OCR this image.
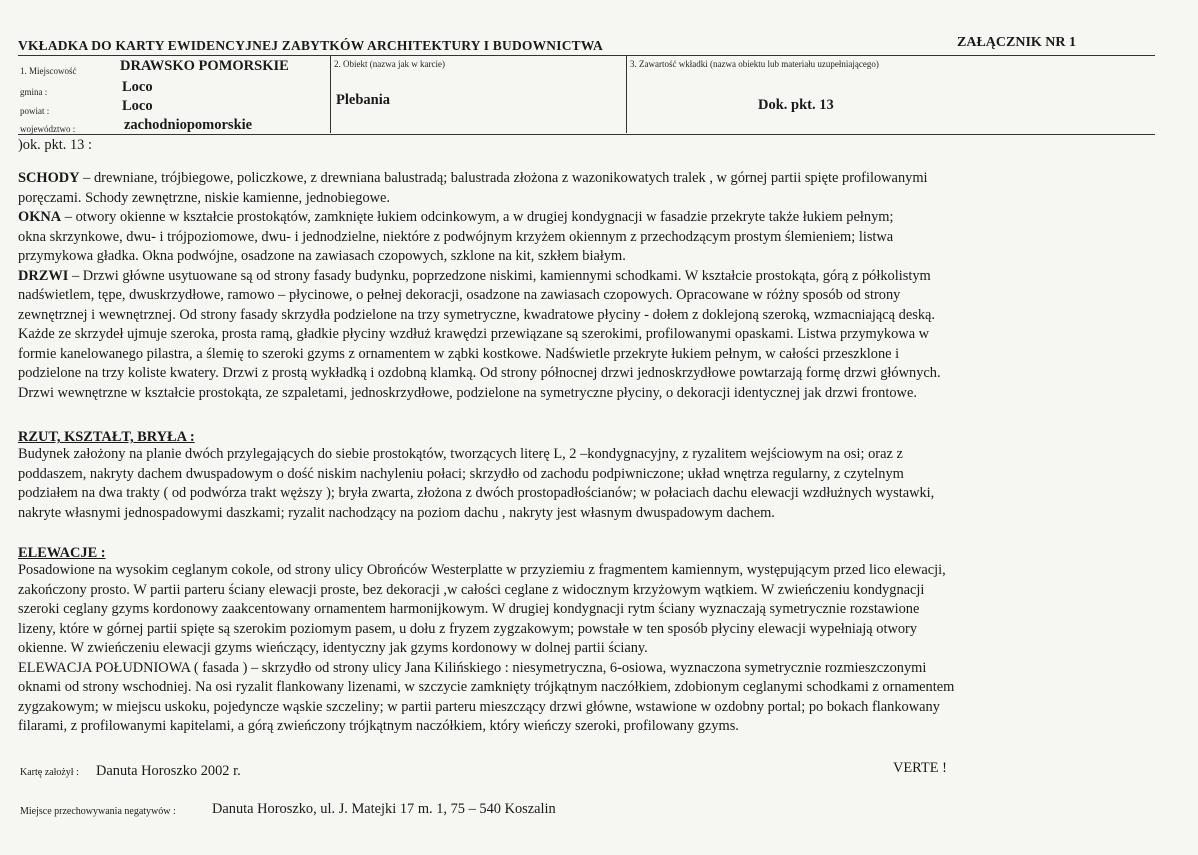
VKŁADKA DO KARTY EWIDENCYJNEJ ZABYTKÓW ARCHITEKTURY I BUDOWNICTWA	ZAŁĄCZNIK NR 1
1. Miejscowość	DRAWSKO POMORSKIE
gmina :	Loco
powiat :	Loco
województwo :	zachodniopomorskie
2. Obiekt (nazwa jak w karcie)
Plebania
3. Zawartość wkładki (nazwa obiektu lub materiału uzupełniającego)
Dok. pkt. 13
)ok. pkt. 13 :
SCHODY – drewniane, trójbiegowe, policzkowe, z drewniana balustradą; balustrada złożona z wazonikowatych tralek , w górnej partii spięte profilowanymi
poręczami. Schody zewnętrzne, niskie kamienne, jednobiegowe.
OKNA – otwory okienne w kształcie prostokątów, zamknięte łukiem odcinkowym, a w drugiej kondygnacji w fasadzie przekryte także łukiem pełnym;
okna skrzynkowe, dwu- i trójpoziomowe, dwu- i jednodzielne, niektóre z podwójnym krzyżem okiennym z przechodzącym prostym ślemieniem; listwa
przymykowa gładka. Okna podwójne, osadzone na zawiasach czopowych, szklone na kit, szkłem białym.
DRZWI – Drzwi główne usytuowane są od strony fasady budynku, poprzedzone niskimi, kamiennymi schodkami. W kształcie prostokąta, górą z półkolistym
nadświetlem, tępe, dwuskrzydłowe, ramowo – płycinowe, o pełnej dekoracji, osadzone na zawiasach czopowych. Opracowane w różny sposób od strony
zewnętrznej i wewnętrznej. Od strony fasady skrzydła podzielone na trzy symetryczne, kwadratowe płyciny - dołem z doklejoną szeroką, wzmacniającą deską.
Każde ze skrzydeł ujmuje szeroka, prosta ramą, gładkie płyciny wzdłuż krawędzi przewiązane są szerokimi, profilowanymi opaskami. Listwa przymykowa w
formie kanelowanego pilastra, a ślemię to szeroki gzyms z ornamentem w ząbki kostkowe. Nadświetle przekryte łukiem pełnym, w całości przeszklone i
podzielone na trzy koliste kwatery. Drzwi z prostą wykładką i ozdobną klamką. Od strony północnej drzwi jednoskrzydłowe powtarzają formę drzwi głównych.
Drzwi wewnętrzne w kształcie prostokąta, ze szpaletami, jednoskrzydłowe, podzielone na symetryczne płyciny, o dekoracji identycznej jak drzwi frontowe.
RZUT, KSZTAŁT, BRYŁA :
Budynek założony na planie dwóch przylegających do siebie prostokątów, tworzących literę L, 2 –kondygnacyjny, z ryzalitem wejściowym na osi; oraz z
poddaszem, nakryty dachem dwuspadowym o dość niskim nachyleniu połaci; skrzydło od zachodu podpiwniczone; układ wnętrza regularny, z czytelnym
podziałem na dwa trakty ( od podwórza trakt węższy ); bryła zwarta, złożona z dwóch prostopadłościanów; w połaciach dachu elewacji wzdłużnych wystawki,
nakryte własnymi jednospadowymi daszkami; ryzalit nachodzący na poziom dachu , nakryty jest własnym dwuspadowym dachem.
ELEWACJE :
Posadowione na wysokim ceglanym cokole, od strony ulicy Obrońców Westerplatte w przyziemiu z fragmentem kamiennym, występującym przed lico elewacji,
zakończony prosto. W partii parteru ściany elewacji proste, bez dekoracji ,w całości ceglane z widocznym krzyżowym wątkiem. W zwieńczeniu kondygnacji
szeroki ceglany gzyms kordonowy zaakcentowany ornamentem harmonijkowym. W drugiej kondygnacji rytm ściany wyznaczają symetrycznie rozstawione
lizeny, które w górnej partii spięte są szerokim poziomym pasem, u dołu z fryzem zygzakowym; powstałe w ten sposób płyciny elewacji wypełniają otwory
okienne. W zwieńczeniu elewacji gzyms wieńczący, identyczny jak gzyms kordonowy w dolnej partii ściany.
ELEWACJA POŁUDNIOWA ( fasada ) – skrzydło od strony ulicy Jana Kilińskiego : niesymetryczna, 6-osiowa, wyznaczona symetrycznie rozmieszczonymi
oknami od strony wschodniej. Na osi ryzalit flankowany lizenami, w szczycie zamknięty trójkątnym naczółkiem, zdobionym ceglanymi schodkami z ornamentem
zygzakowym; w miejscu uskoku, pojedyncze wąskie szczeliny; w partii parteru mieszczący drzwi główne, wstawione w ozdobny portal; po bokach flankowany
filarami, z profilowanymi kapitelami, a górą zwieńczony trójkątnym naczółkiem, który wieńczy szeroki, profilowany gzyms.
Kartę założył : Danuta Horoszko 2002 r.	VERTE !
Miejsce przechowywania negatywów :	Danuta Horoszko, ul. J. Matejki 17 m. 1, 75 – 540 Koszalin
